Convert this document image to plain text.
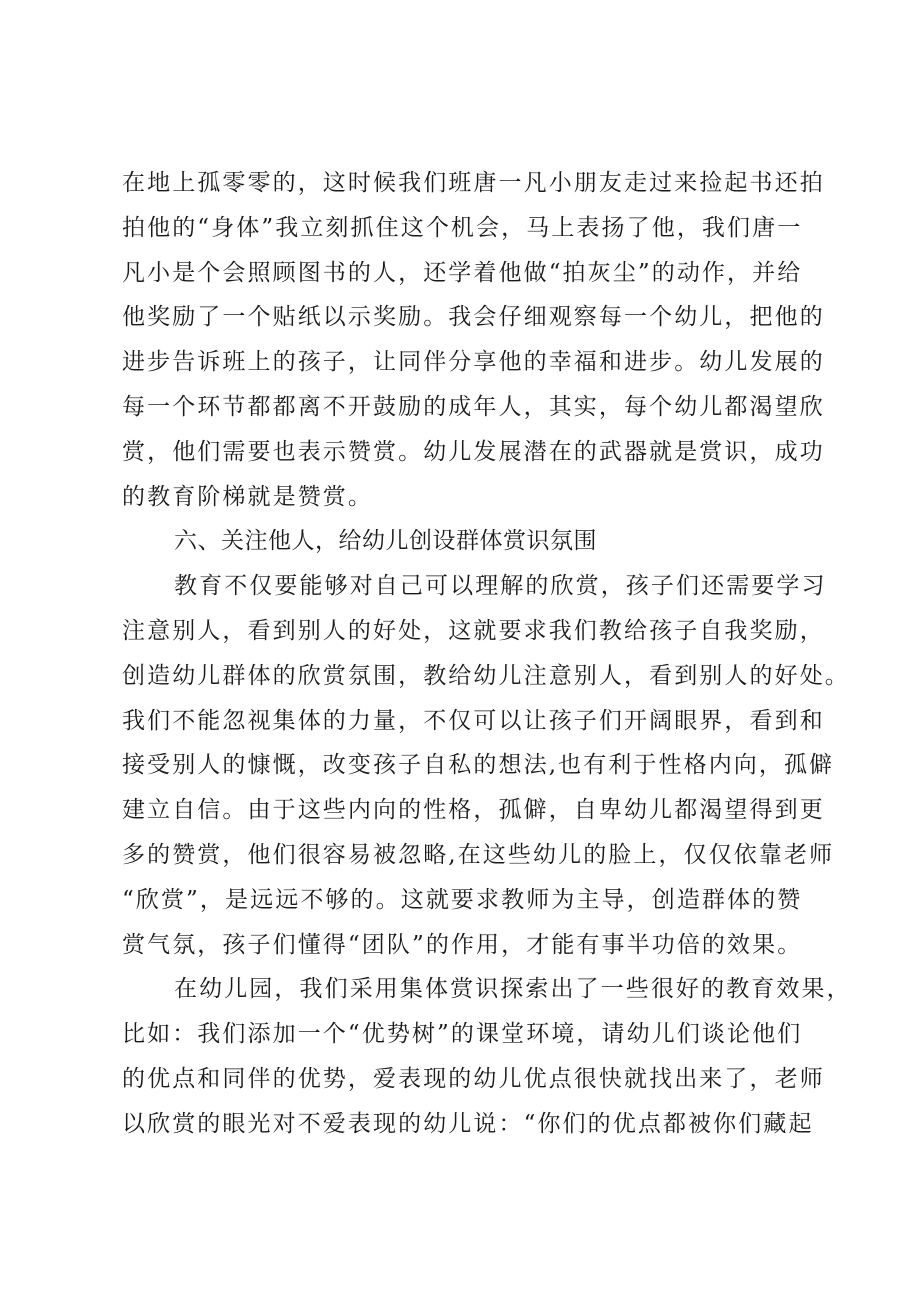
在地上孤零零的，这时候我们班唐一凡小朋友走过来捡起书还拍
拍他的“身体”我立刻抓住这个机会，马上表扬了他，我们唐一
凡小是个会照顾图书的人，还学着他做“拍灰尘”的动作，并给
他奖励了一个贴纸以示奖励。我会仔细观察每一个幼儿，把他的
进步告诉班上的孩子，让同伴分享他的幸福和进步。幼儿发展的
每一个环节都都离不开鼓励的成年人，其实，每个幼儿都渴望欣
赏，他们需要也表示赞赏。幼儿发展潜在的武器就是赏识，成功
的教育阶梯就是赞赏。
六、关注他人，给幼儿创设群体赏识氛围
教育不仅要能够对自己可以理解的欣赏，孩子们还需要学习
注意别人，看到别人的好处，这就要求我们教给孩子自我奖励，
创造幼儿群体的欣赏氛围，教给幼儿注意别人，看到别人的好处。
我们不能忽视集体的力量，不仅可以让孩子们开阔眼界，看到和
接受别人的慷慨，改变孩子自私的想法,也有利于性格内向，孤僻
建立自信。由于这些内向的性格，孤僻，自卑幼儿都渴望得到更
多的赞赏，他们很容易被忽略,在这些幼儿的脸上，仅仅依靠老师
“欣赏”，是远远不够的。这就要求教师为主导，创造群体的赞
赏气氛，孩子们懂得“团队”的作用，才能有事半功倍的效果。
在幼儿园，我们采用集体赏识探索出了一些很好的教育效果，
比如：我们添加一个“优势树”的课堂环境，请幼儿们谈论他们
的优点和同伴的优势，爱表现的幼儿优点很快就找出来了，老师
以欣赏的眼光对不爱表现的幼儿说：“你们的优点都被你们藏起
